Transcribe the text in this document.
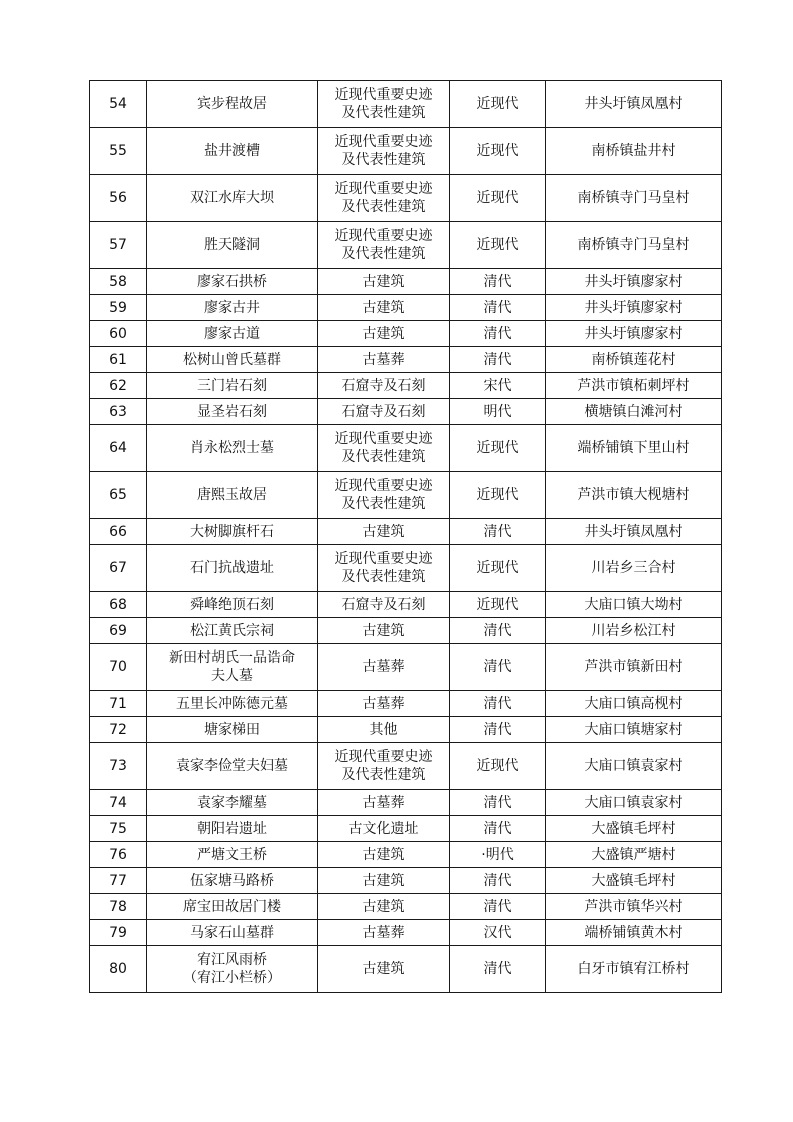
54	宾步程故居	近现代重要史迹
及代表性建筑	近现代	井头圩镇凤凰村
55	盐井渡槽	近现代重要史迹
及代表性建筑	近现代	南桥镇盐井村
56	双江水库大坝	近现代重要史迹
及代表性建筑	近现代	南桥镇寺门马皇村
57	胜天隧洞	近现代重要史迹
及代表性建筑	近现代	南桥镇寺门马皇村
58	廖家石拱桥	古建筑	清代	井头圩镇廖家村
59	廖家古井	古建筑	清代	井头圩镇廖家村
60	廖家古道	古建筑	清代	井头圩镇廖家村
61	松树山曾氏墓群	古墓葬	清代	南桥镇莲花村
62	三门岩石刻	石窟寺及石刻	宋代	芦洪市镇柘刺坪村
63	显圣岩石刻	石窟寺及石刻	明代	横塘镇白滩河村
64	肖永松烈士墓	近现代重要史迹
及代表性建筑	近现代	端桥铺镇下里山村
65	唐熙玉故居	近现代重要史迹
及代表性建筑	近现代	芦洪市镇大枧塘村
66	大树脚旗杆石	古建筑	清代	井头圩镇凤凰村
67	石门抗战遗址	近现代重要史迹
及代表性建筑	近现代	川岩乡三合村
68	舜峰绝顶石刻	石窟寺及石刻	近现代	大庙口镇大坳村
69	松江黄氏宗祠	古建筑	清代	川岩乡松江村
70	新田村胡氏一品诰命
夫人墓	古墓葬	清代	芦洪市镇新田村
71	五里长冲陈德元墓	古墓葬	清代	大庙口镇高枧村
72	塘家梯田	其他	清代	大庙口镇塘家村
73	袁家李俭堂夫妇墓	近现代重要史迹
及代表性建筑	近现代	大庙口镇袁家村
74	袁家李耀墓	古墓葬	清代	大庙口镇袁家村
75	朝阳岩遗址	古文化遗址	清代	大盛镇毛坪村
76	严塘文王桥	古建筑	·明代	大盛镇严塘村
77	伍家塘马路桥	古建筑	清代	大盛镇毛坪村
78	席宝田故居门楼	古建筑	清代	芦洪市镇华兴村
79	马家石山墓群	古墓葬	汉代	端桥铺镇黄木村
80	宥江风雨桥
（宥江小栏桥）	古建筑	清代	白牙市镇宥江桥村
